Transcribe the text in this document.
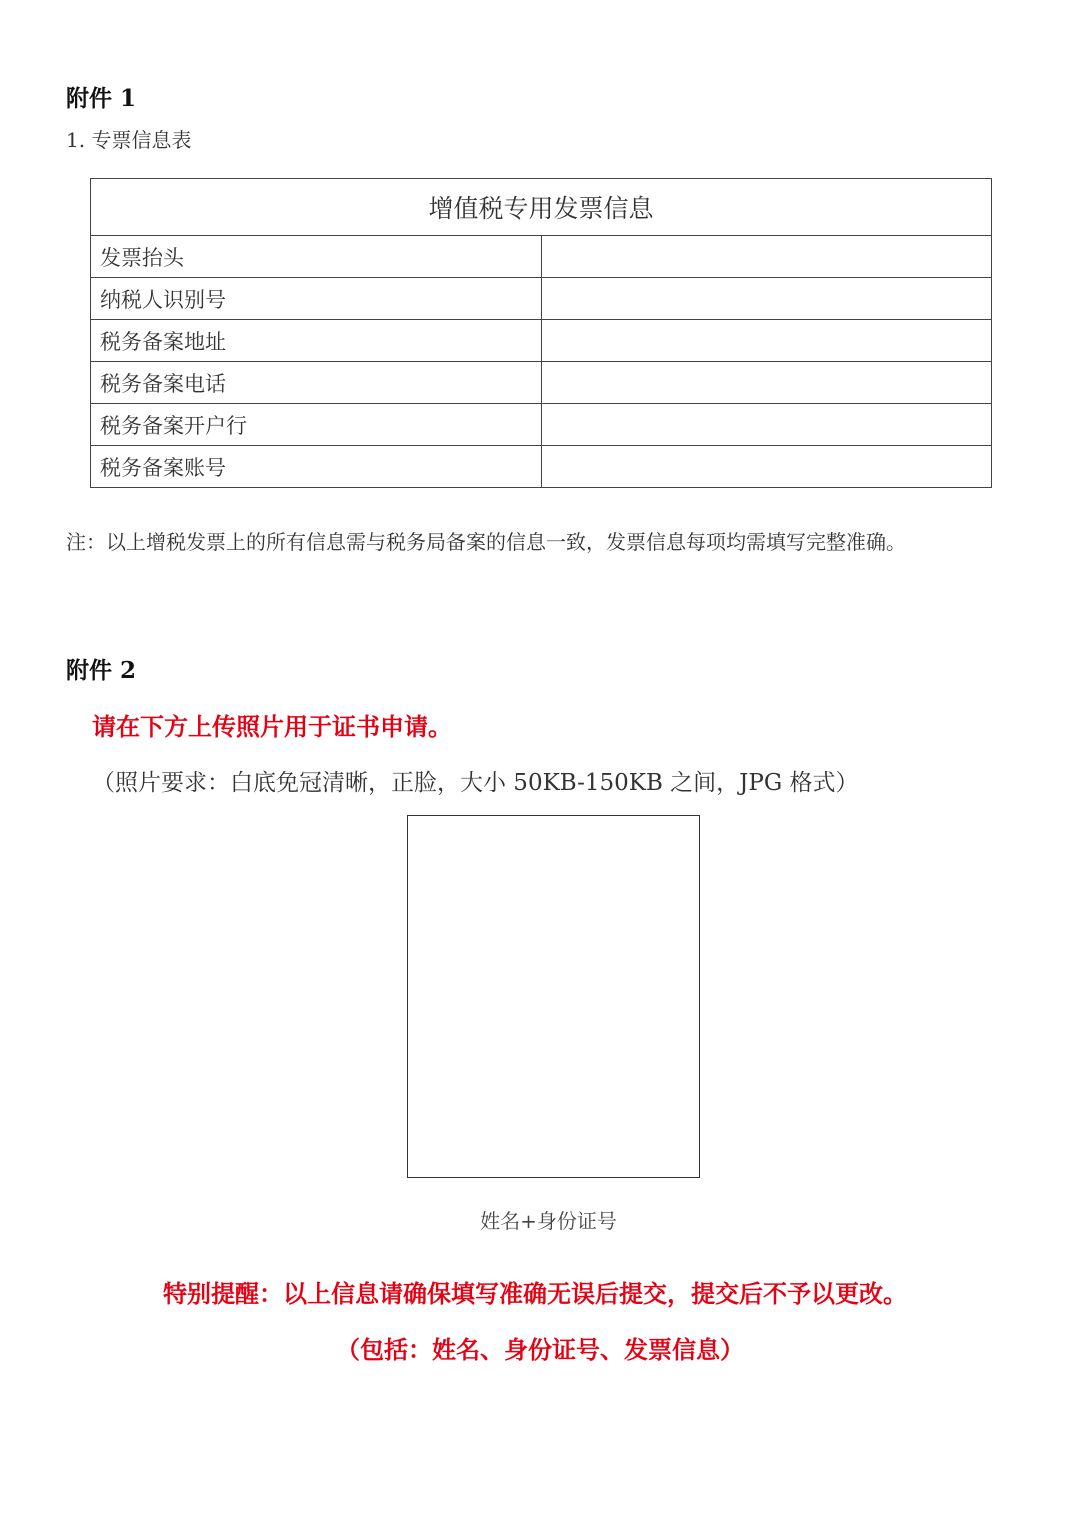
附件 1
1. 专票信息表
增值税专用发票信息	
发票抬头	
纳税人识别号	
税务备案地址	
税务备案电话	
税务备案开户行	
税务备案账号	
注：以上增税发票上的所有信息需与税务局备案的信息一致，发票信息每项均需填写完整准确。
附件 2
请在下方上传照片用于证书申请。
（照片要求：白底免冠清晰，正脸，大小 50KB-150KB 之间，JPG 格式）
姓名+身份证号
特别提醒：以上信息请确保填写准确无误后提交，提交后不予以更改。
（包括：姓名、身份证号、发票信息）
